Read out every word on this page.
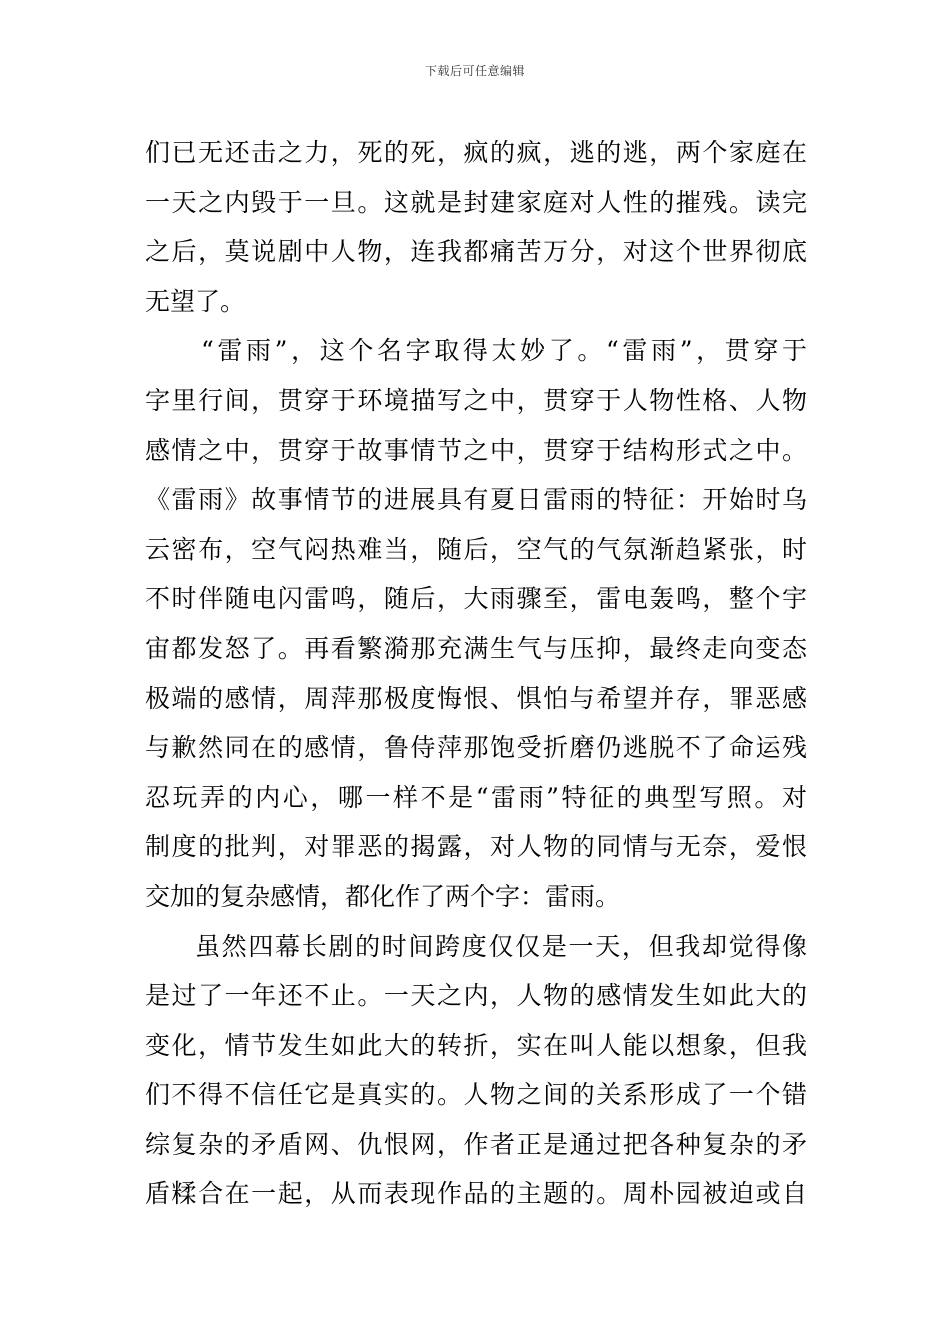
下载后可任意编辑
们已无还击之力，死的死，疯的疯，逃的逃，两个家庭在
一天之内毁于一旦。这就是封建家庭对人性的摧残。读完
之后，莫说剧中人物，连我都痛苦万分，对这个世界彻底
无望了。
“雷雨”，这个名字取得太妙了。“雷雨”，贯穿于
字里行间，贯穿于环境描写之中，贯穿于人物性格、人物
感情之中，贯穿于故事情节之中，贯穿于结构形式之中。
《雷雨》故事情节的进展具有夏日雷雨的特征：开始时乌
云密布，空气闷热难当，随后，空气的气氛渐趋紧张，时
不时伴随电闪雷鸣，随后，大雨骤至，雷电轰鸣，整个宇
宙都发怒了。再看繁漪那充满生气与压抑，最终走向变态
极端的感情，周萍那极度悔恨、惧怕与希望并存，罪恶感
与歉然同在的感情，鲁侍萍那饱受折磨仍逃脱不了命运残
忍玩弄的内心，哪一样不是“雷雨”特征的典型写照。对
制度的批判，对罪恶的揭露，对人物的同情与无奈，爱恨
交加的复杂感情，都化作了两个字：雷雨。
虽然四幕长剧的时间跨度仅仅是一天，但我却觉得像
是过了一年还不止。一天之内，人物的感情发生如此大的
变化，情节发生如此大的转折，实在叫人能以想象，但我
们不得不信任它是真实的。人物之间的关系形成了一个错
综复杂的矛盾网、仇恨网，作者正是通过把各种复杂的矛
盾糅合在一起，从而表现作品的主题的。周朴园被迫或自
